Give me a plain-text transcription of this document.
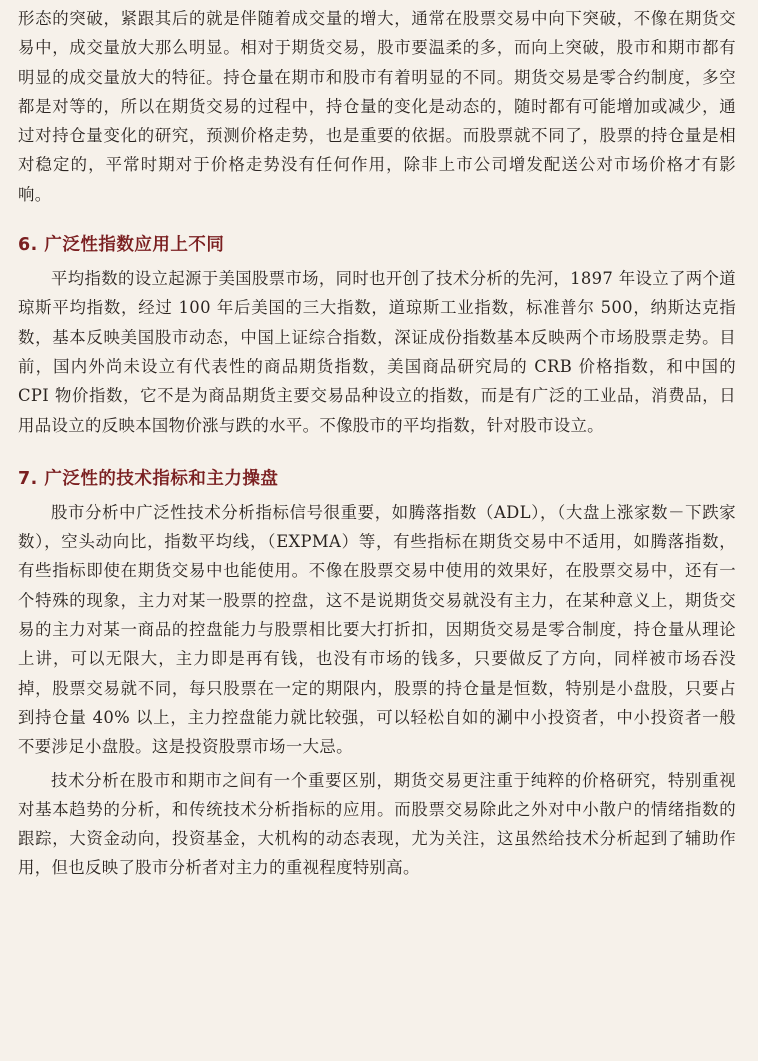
形态的突破，紧跟其后的就是伴随着成交量的增大，通常在股票交易中向下突破，不像在期货交易中，成交量放大那么明显。相对于期货交易，股市要温柔的多，而向上突破，股市和期市都有明显的成交量放大的特征。持仓量在期市和股市有着明显的不同。期货交易是零合约制度，多空都是对等的，所以在期货交易的过程中，持仓量的变化是动态的，随时都有可能增加或减少，通过对持仓量变化的研究，预测价格走势，也是重要的依据。而股票就不同了，股票的持仓量是相对稳定的，平常时期对于价格走势没有任何作用，除非上市公司增发配送公对市场价格才有影响。

6. 广泛性指数应用上不同

平均指数的设立起源于美国股票市场，同时也开创了技术分析的先河，1897 年设立了两个道琼斯平均指数，经过 100 年后美国的三大指数，道琼斯工业指数，标准普尔 500，纳斯达克指数，基本反映美国股市动态，中国上证综合指数，深证成份指数基本反映两个市场股票走势。目前，国内外尚未设立有代表性的商品期货指数，美国商品研究局的 CRB 价格指数，和中国的 CPI 物价指数，它不是为商品期货主要交易品种设立的指数，而是有广泛的工业品，消费品，日用品设立的反映本国物价涨与跌的水平。不像股市的平均指数，针对股市设立。

7. 广泛性的技术指标和主力操盘

股市分析中广泛性技术分析指标信号很重要，如腾落指数（ADL），（大盘上涨家数－下跌家数），空头动向比，指数平均线，（EXPMA）等，有些指标在期货交易中不适用，如腾落指数，有些指标即使在期货交易中也能使用。不像在股票交易中使用的效果好，在股票交易中，还有一个特殊的现象，主力对某一股票的控盘，这不是说期货交易就没有主力，在某种意义上，期货交易的主力对某一商品的控盘能力与股票相比要大打折扣，因期货交易是零合制度，持仓量从理论上讲，可以无限大，主力即是再有钱，也没有市场的钱多，只要做反了方向，同样被市场吞没掉，股票交易就不同，每只股票在一定的期限内，股票的持仓量是恒数，特别是小盘股，只要占到持仓量 40% 以上，主力控盘能力就比较强，可以轻松自如的涮中小投资者，中小投资者一般不要涉足小盘股。这是投资股票市场一大忌。

技术分析在股市和期市之间有一个重要区别，期货交易更注重于纯粹的价格研究，特别重视对基本趋势的分析，和传统技术分析指标的应用。而股票交易除此之外对中小散户的情绪指数的跟踪，大资金动向，投资基金，大机构的动态表现，尤为关注，这虽然给技术分析起到了辅助作用，但也反映了股市分析者对主力的重视程度特别高。
